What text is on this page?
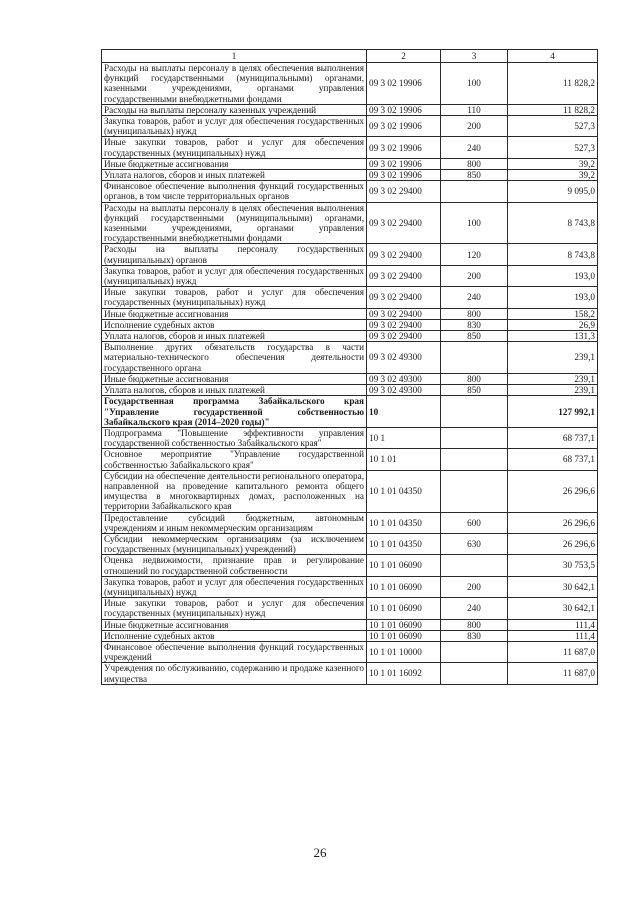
1	2	3	4
Расходы на выплаты персоналу в целях обеспечения выполнения функций государственными (муниципальными) органами, казенными учреждениями, органами управления государственными внебюджетными фондами	09 3 02 19906	100	11 828,2
Расходы на выплаты персоналу казенных учреждений	09 3 02 19906	110	11 828,2
Закупка товаров, работ и услуг для обеспечения государственных (муниципальных) нужд	09 3 02 19906	200	527,3
Иные закупки товаров, работ и услуг для обеспечения государственных (муниципальных) нужд	09 3 02 19906	240	527,3
Иные бюджетные ассигнования	09 3 02 19906	800	39,2
Уплата налогов, сборов и иных платежей	09 3 02 19906	850	39,2
Финансовое обеспечение выполнения функций государственных органов, в том числе территориальных органов	09 3 02 29400		9 095,0
Расходы на выплаты персоналу в целях обеспечения выполнения функций государственными (муниципальными) органами, казенными учреждениями, органами управления государственными внебюджетными фондами	09 3 02 29400	100	8 743,8
Расходы на выплаты персоналу государственных (муниципальных) органов	09 3 02 29400	120	8 743,8
Закупка товаров, работ и услуг для обеспечения государственных (муниципальных) нужд	09 3 02 29400	200	193,0
Иные закупки товаров, работ и услуг для обеспечения государственных (муниципальных) нужд	09 3 02 29400	240	193,0
Иные бюджетные ассигнования	09 3 02 29400	800	158,2
Исполнение судебных актов	09 3 02 29400	830	26,9
Уплата налогов, сборов и иных платежей	09 3 02 29400	850	131,3
Выполнение других обязательств государства в части материально-технического обеспечения деятельности государственного органа	09 3 02 49300		239,1
Иные бюджетные ассигнования	09 3 02 49300	800	239,1
Уплата налогов, сборов и иных платежей	09 3 02 49300	850	239,1
Государственная программа Забайкальского края "Управление государственной собственностью Забайкальского края (2014–2020 годы)"	10		127 992,1
Подпрограмма "Повышение эффективности управления государственной собственностью Забайкальского края"	10 1		68 737,1
Основное мероприятие "Управление государственной собственностью Забайкальского края"	10 1 01		68 737,1
Субсидии на обеспечение деятельности регионального оператора, направленной на проведение капитального ремонта общего имущества в многоквартирных домах, расположенных на территории Забайкальского края	10 1 01 04350		26 296,6
Предоставление субсидий бюджетным, автономным учреждениям и иным некоммерческим организациям	10 1 01 04350	600	26 296,6
Субсидии некоммерческим организациям (за исключением государственных (муниципальных) учреждений)	10 1 01 04350	630	26 296,6
Оценка недвижимости, признание прав и регулирование отношений по государственной собственности	10 1 01 06090		30 753,5
Закупка товаров, работ и услуг для обеспечения государственных (муниципальных) нужд	10 1 01 06090	200	30 642,1
Иные закупки товаров, работ и услуг для обеспечения государственных (муниципальных) нужд	10 1 01 06090	240	30 642,1
Иные бюджетные ассигнования	10 1 01 06090	800	111,4
Исполнение судебных актов	10 1 01 06090	830	111,4
Финансовое обеспечение выполнения функций государственных учреждений	10 1 01 10000		11 687,0
Учреждения по обслуживанию, содержанию и продаже казенного имущества	10 1 01 16092		11 687,0
26
